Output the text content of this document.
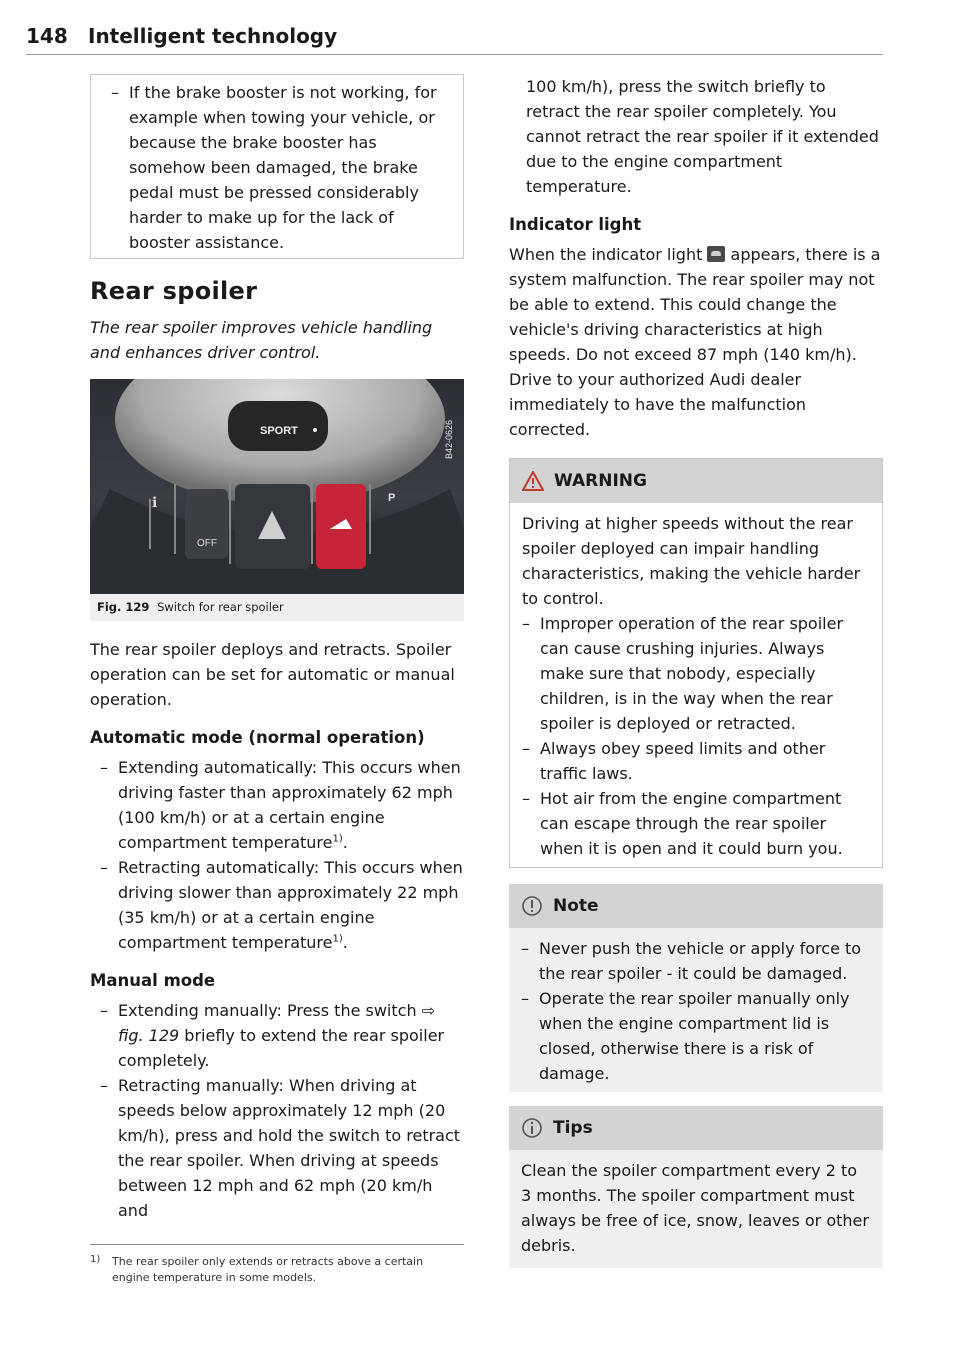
148 Intelligent technology
– If the brake booster is not working, for example when towing your vehicle, or because the brake booster has somehow been damaged, the brake pedal must be pressed considerably harder to make up for the lack of booster assistance.
Rear spoiler

The rear spoiler improves vehicle handling and enhances driver control.

SPORT
OFF
P
ℹ
B42-0626
Fig. 129 Switch for rear spoiler

The rear spoiler deploys and retracts. Spoiler operation can be set for automatic or manual operation.

Automatic mode (normal operation)
– Extending automatically: This occurs when driving faster than approximately 62 mph (100 km/h) or at a certain engine compartment temperature$^{1)}$.
– Retracting automatically: This occurs when driving slower than approximately 22 mph (35 km/h) or at a certain engine compartment temperature$^{1)}$.
Manual mode
– Extending manually: Press the switch ⇨ fig. 129 briefly to extend the rear spoiler completely.
– Retracting manually: When driving at speeds below approximately 12 mph (20 km/h), press and hold the switch to retract the rear spoiler. When driving at speeds between 12 mph and 62 mph (20 km/h and
1) The rear spoiler only extends or retracts above a certain engine temperature in some models.

100 km/h), press the switch briefly to retract the rear spoiler completely. You cannot retract the rear spoiler if it extended due to the engine compartment temperature.

Indicator light

When the indicator light appears, there is a system malfunction. The rear spoiler may not be able to extend. This could change the vehicle's driving characteristics at high speeds. Do not exceed 87 mph (140 km/h). Drive to your authorized Audi dealer immediately to have the malfunction corrected.

WARNING

Driving at higher speeds without the rear spoiler deployed can impair handling characteristics, making the vehicle harder to control.

– Improper operation of the rear spoiler can cause crushing injuries. Always make sure that nobody, especially children, is in the way when the rear spoiler is deployed or retracted.
– Always obey speed limits and other traffic laws.
– Hot air from the engine compartment can escape through the rear spoiler when it is open and it could burn you.
Note
– Never push the vehicle or apply force to the rear spoiler - it could be damaged.
– Operate the rear spoiler manually only when the engine compartment lid is closed, otherwise there is a risk of damage.
Tips

Clean the spoiler compartment every 2 to 3 months. The spoiler compartment must always be free of ice, snow, leaves or other debris.
